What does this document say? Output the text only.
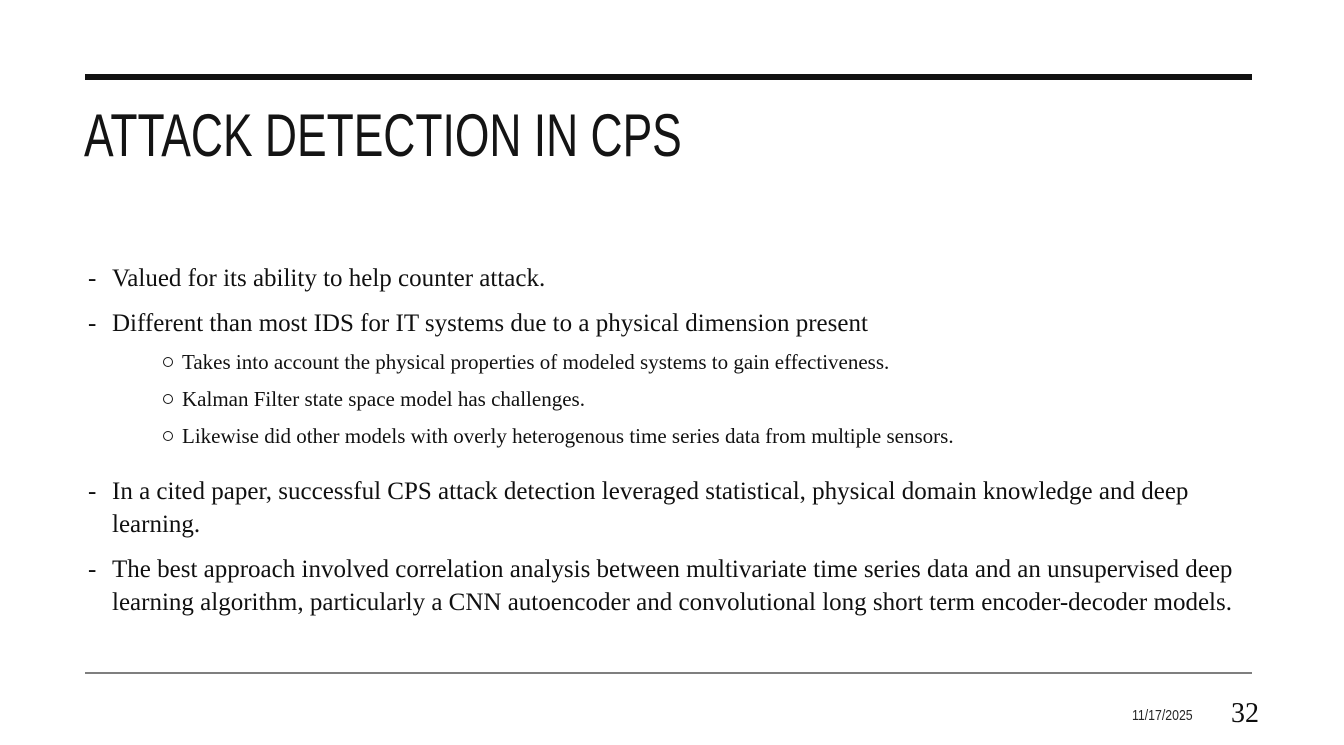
ATTACK DETECTION IN CPS
- Valued for its ability to help counter attack.
- Different than most IDS for IT systems due to a physical dimension present
Takes into account the physical properties of modeled systems to gain effectiveness.
Kalman Filter state space model has challenges.
Likewise did other models with overly heterogenous time series data from multiple sensors.
- In a cited paper, successful CPS attack detection leveraged statistical, physical domain knowledge and deep learning.
- The best approach involved correlation analysis between multivariate time series data and an unsupervised deep learning algorithm, particularly a CNN autoencoder and convolutional long short term encoder-decoder models.
11/17/2025 32
